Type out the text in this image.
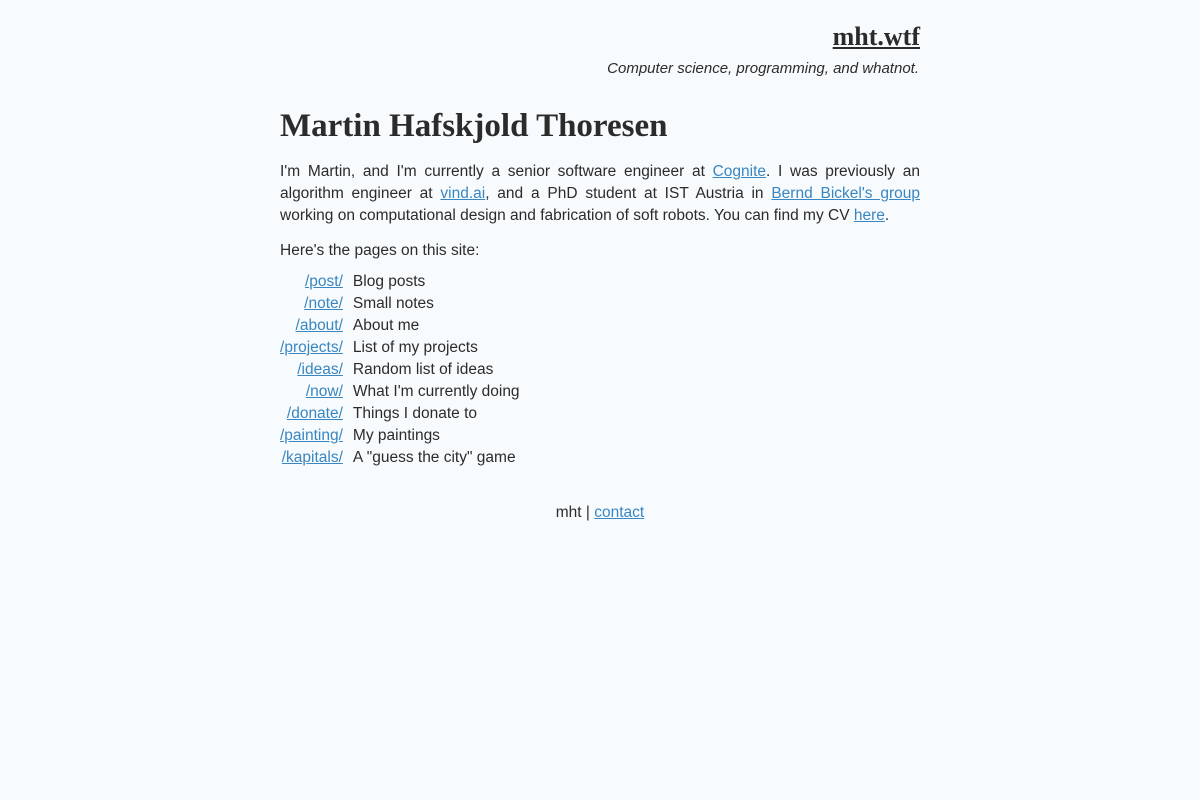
mht.wtf
Computer science, programming, and whatnot.
Martin Hafskjold Thoresen

I'm Martin, and I'm currently a senior software engineer at Cognite. I was previously an algorithm engineer at vind.ai, and a PhD student at IST Austria in Bernd Bickel's group working on computational design and fabrication of soft robots. You can find my CV here.

Here's the pages on this site:

/post/	Blog posts
/note/	Small notes
/about/	About me
/projects/	List of my projects
/ideas/	Random list of ideas
/now/	What I'm currently doing
/donate/	Things I donate to
/painting/	My paintings
/kapitals/	A "guess the city" game
mht | contact
